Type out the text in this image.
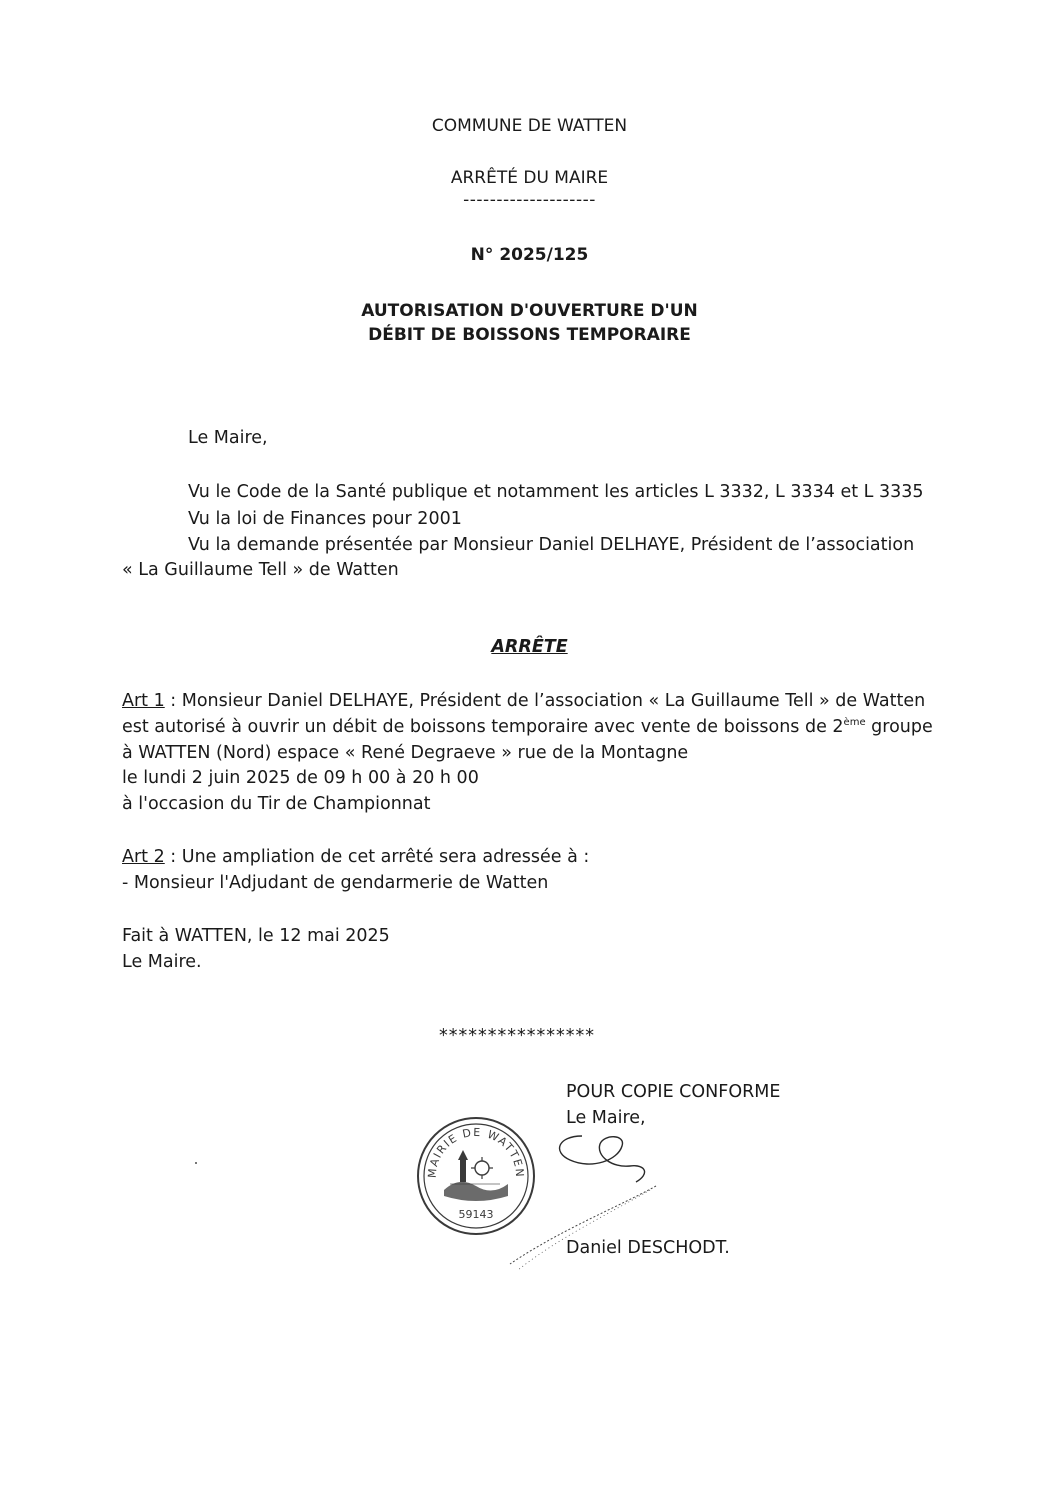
COMMUNE DE WATTEN
ARRÊTÉ DU MAIRE
--------------------
N° 2025/125
AUTORISATION D'OUVERTURE D'UN
DÉBIT DE BOISSONS TEMPORAIRE
Le Maire,
Vu le Code de la Santé publique et notamment les articles L 3332, L 3334 et L 3335
Vu la loi de Finances pour 2001
Vu la demande présentée par Monsieur Daniel DELHAYE, Président de l’association
« La Guillaume Tell » de Watten
ARRÊTE
Art 1 : Monsieur Daniel DELHAYE, Président de l’association « La Guillaume Tell » de Watten
est autorisé à ouvrir un débit de boissons temporaire avec vente de boissons de 2ème groupe
à WATTEN (Nord) espace « René Degraeve » rue de la Montagne
le lundi 2 juin 2025 de 09 h 00 à 20 h 00
à l'occasion du Tir de Championnat
Art 2 : Une ampliation de cet arrêté sera adressée à :
- Monsieur l'Adjudant de gendarmerie de Watten
Fait à WATTEN, le 12 mai 2025
Le Maire.
****************
POUR COPIE CONFORME
Le Maire,
Daniel DESCHODT.
MAIRIE DE WATTEN
59143
